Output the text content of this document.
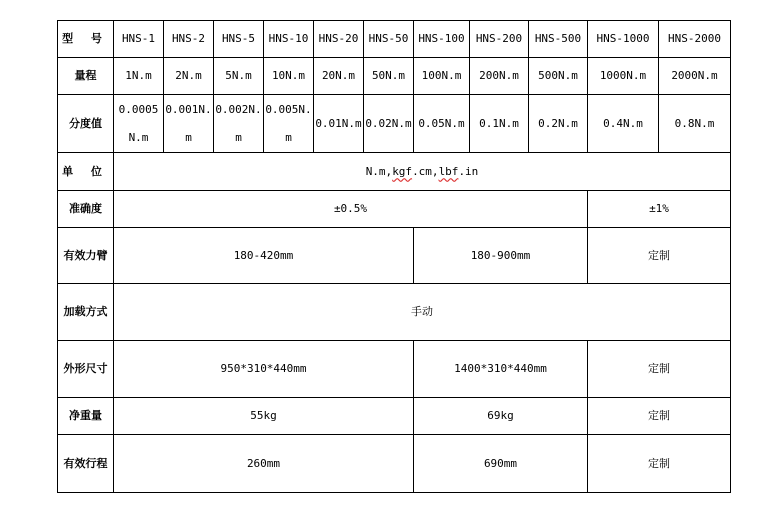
型 号	HNS-1	HNS-2	HNS-5	HNS-10	HNS-20	HNS-50	HNS-100	HNS-200	HNS-500	HNS-1000	HNS-2000
量程	1N.m	2N.m	5N.m	10N.m	20N.m	50N.m	100N.m	200N.m	500N.m	1000N.m	2000N.m
分度值	0.0005N.m	0.001N.m	0.002N.m	0.005N.m	0.01N.m	0.02N.m	0.05N.m	0.1N.m	0.2N.m	0.4N.m	0.8N.m
单 位	N.m,kgf.cm,lbf.in										
准确度	±0.5%									±1%	
有效力臂	180-420mm						180-900mm			定制	
加载方式	手动										
外形尺寸	950*310*440mm						1400*310*440mm			定制	
净重量	55kg						69kg			定制	
有效行程	260mm						690mm			定制	
